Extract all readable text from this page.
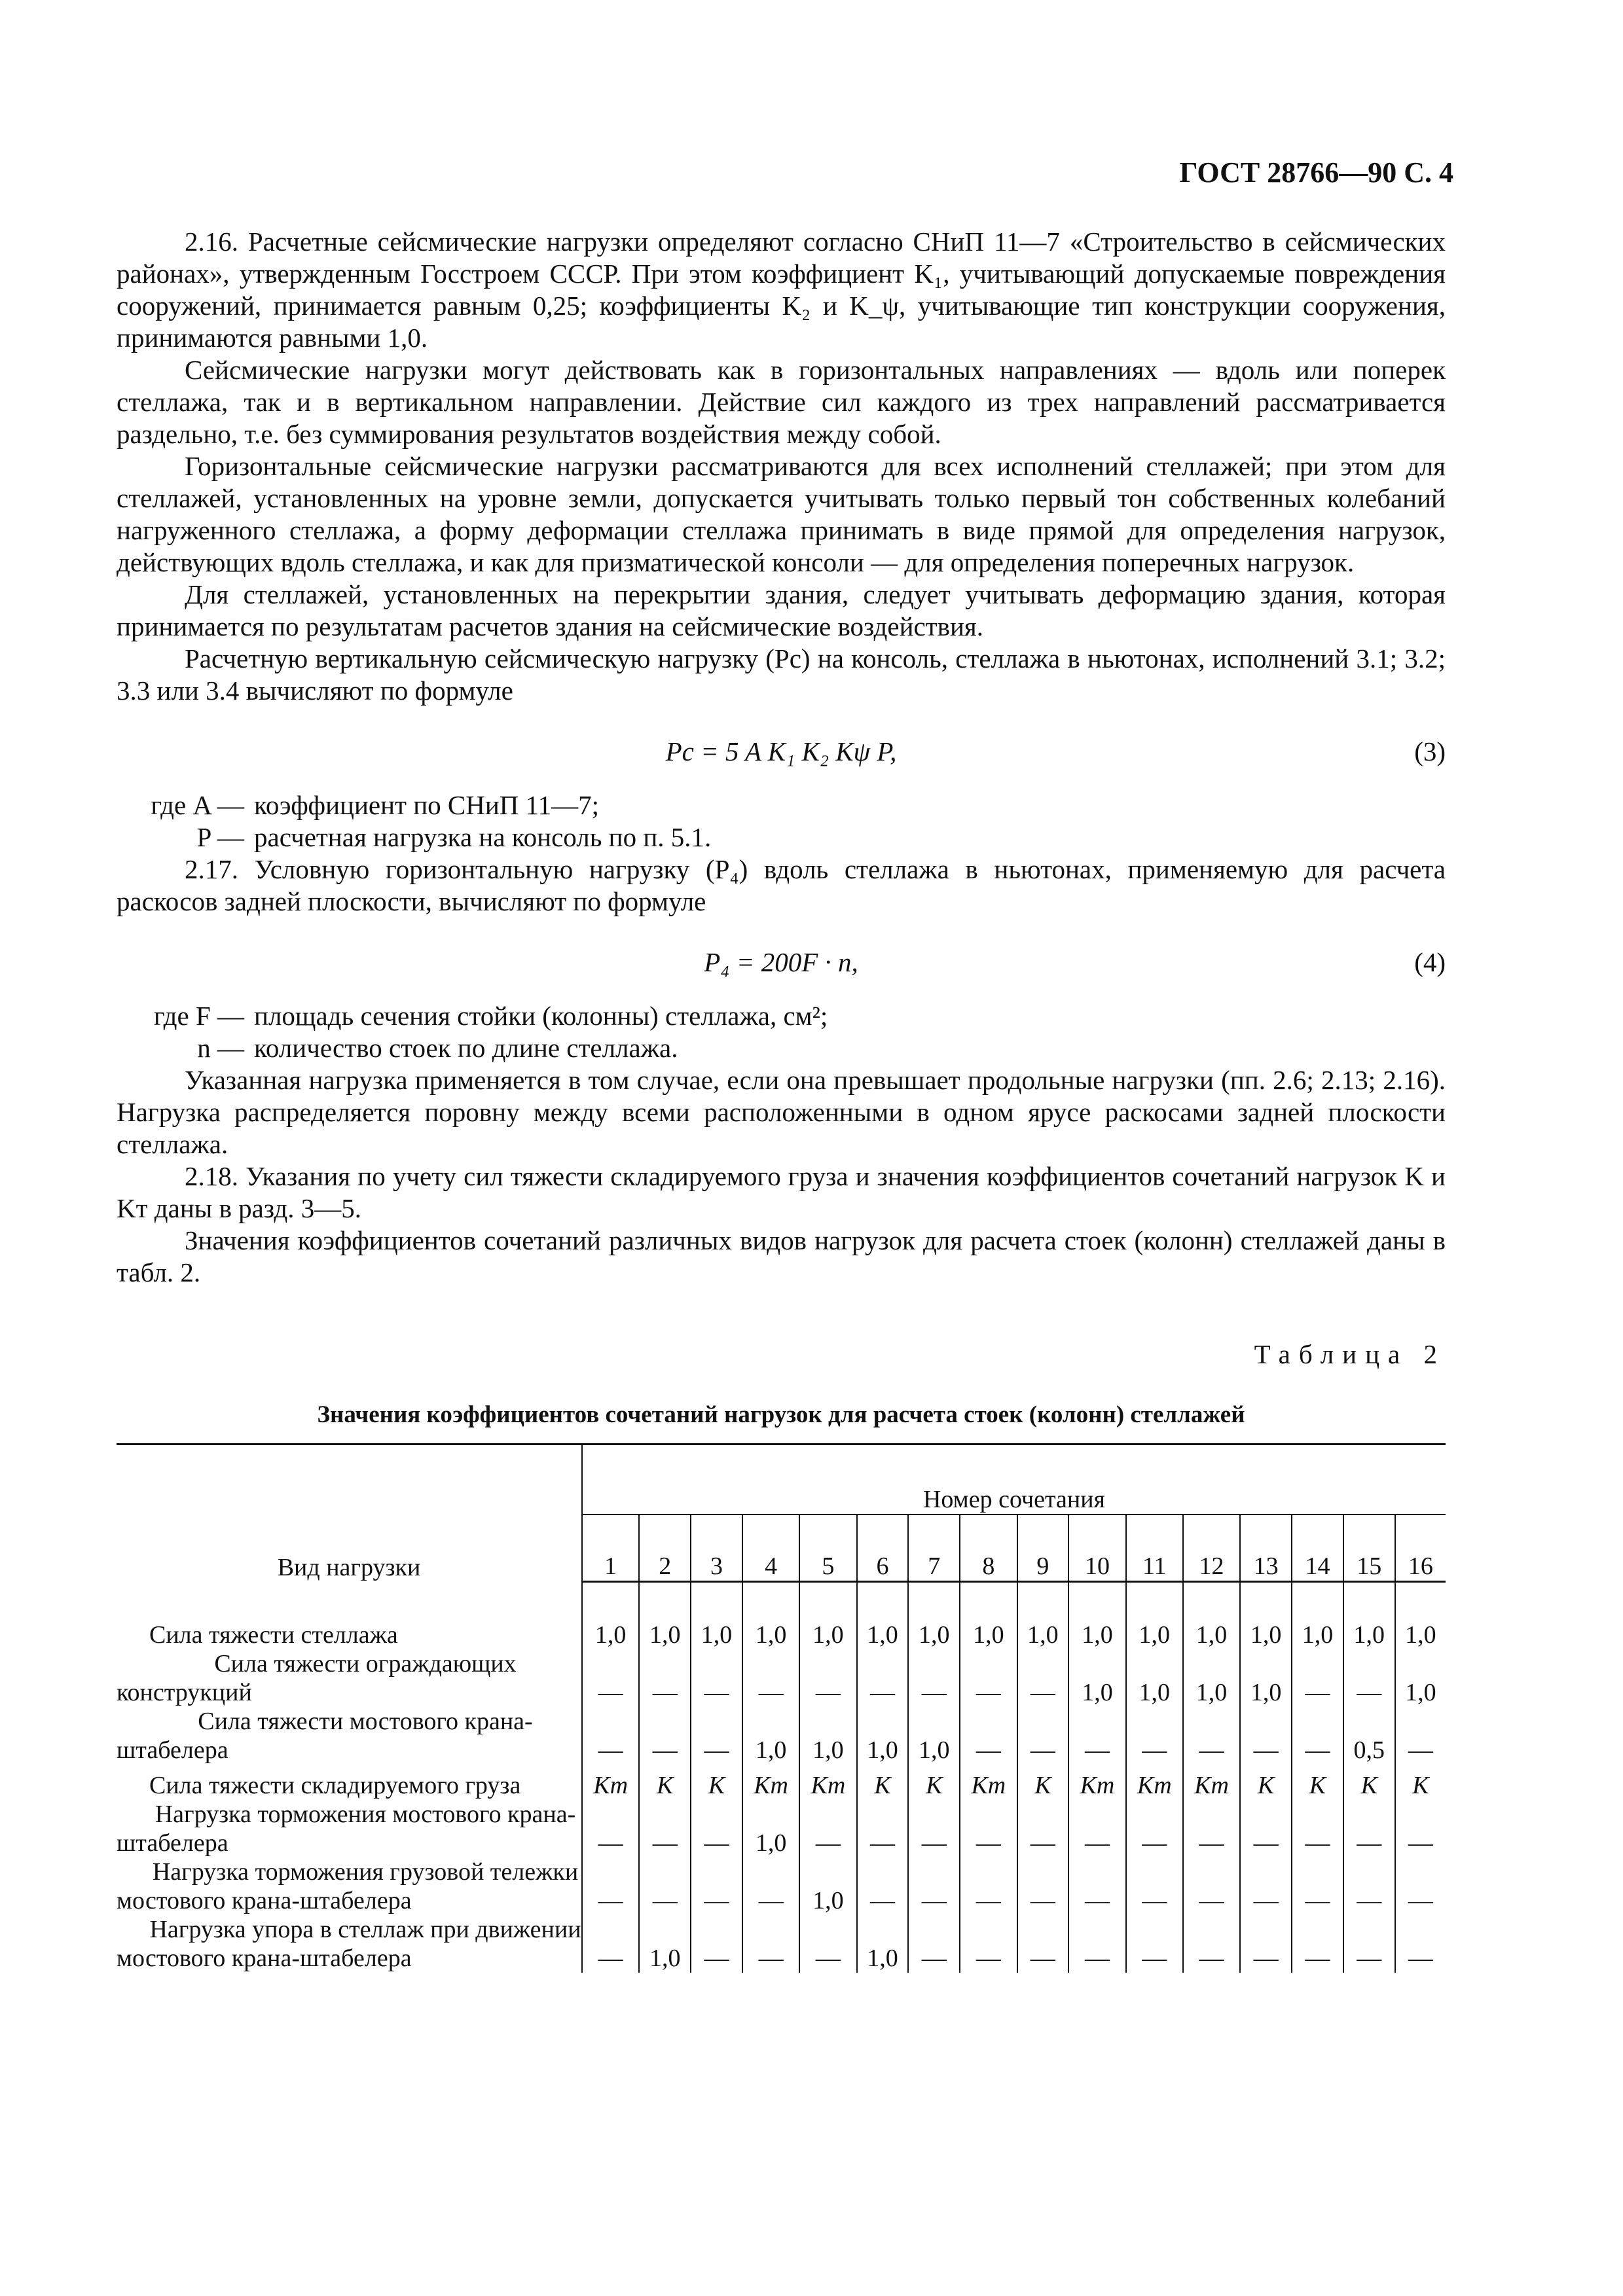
ГОСТ 28766—90 С. 4

2.16. Расчетные сейсмические нагрузки определяют согласно СНиП 11—7 «Строительство в сейсмических районах», утвержденным Госстроем СССР. При этом коэффициент K₁, учитывающий допускаемые повреждения сооружений, принимается равным 0,25; коэффициенты K₂ и K_ψ, учитывающие тип конструкции сооружения, принимаются равными 1,0.

Сейсмические нагрузки могут действовать как в горизонтальных направлениях — вдоль или поперек стеллажа, так и в вертикальном направлении. Действие сил каждого из трех направлений рассматривается раздельно, т.е. без суммирования результатов воздействия между собой.

Горизонтальные сейсмические нагрузки рассматриваются для всех исполнений стеллажей; при этом для стеллажей, установленных на уровне земли, допускается учитывать только первый тон собственных колебаний нагруженного стеллажа, а форму деформации стеллажа принимать в виде прямой для определения нагрузок, действующих вдоль стеллажа, и как для призматической консоли — для определения поперечных нагрузок.

Для стеллажей, установленных на перекрытии здания, следует учитывать деформацию здания, которая принимается по результатам расчетов здания на сейсмические воздействия.

Расчетную вертикальную сейсмическую нагрузку (Pc) на консоль, стеллажа в ньютонах, исполнений 3.1; 3.2; 3.3 или 3.4 вычисляют по формуле

Pc = 5 A K₁ K₂ Kψ P,	(3)
где A — коэффициент по СНиП 11—7;
P — расчетная нагрузка на консоль по п. 5.1.

2.17. Условную горизонтальную нагрузку (P₄) вдоль стеллажа в ньютонах, применяемую для расчета раскосов задней плоскости, вычисляют по формуле

P₄ = 200F · n,	(4)
где F — площадь сечения стойки (колонны) стеллажа, см²;
n — количество стоек по длине стеллажа.

Указанная нагрузка применяется в том случае, если она превышает продольные нагрузки (пп. 2.6; 2.13; 2.16). Нагрузка распределяется поровну между всеми расположенными в одном ярусе раскосами задней плоскости стеллажа.

2.18. Указания по учету сил тяжести складируемого груза и значения коэффициентов сочетаний нагрузок K и Kт даны в разд. 3—5.

Значения коэффициентов сочетаний различных видов нагрузок для расчета стоек (колонн) стеллажей даны в табл. 2.

Таблица 2
Значения коэффициентов сочетаний нагрузок для расчета стоек (колонн) стеллажей
Вид нагрузки	Номер сочетания															
	1	2	3	4	5	6	7	8	9	10	11	12	13	14	15	16
Сила тяжести стеллажа	1,0	1,0	1,0	1,0	1,0	1,0	1,0	1,0	1,0	1,0	1,0	1,0	1,0	1,0	1,0	1,0
Сила тяжести ограждающих конструкций	—	—	—	—	—	—	—	—	—	1,0	1,0	1,0	1,0	—	—	1,0
Сила тяжести мостового крана-штабелера	—	—	—	1,0	1,0	1,0	1,0	—	—	—	—	—	—	—	0,5	—
Сила тяжести складируемого груза	Kт	K	K	Kт	Kт	K	K	Kт	K	Kт	Kт	Kт	K	K	K	K
Нагрузка торможения мостового крана-штабелера	—	—	—	1,0	—	—	—	—	—	—	—	—	—	—	—	—
Нагрузка торможения грузовой тележки мостового крана-штабелера	—	—	—	—	1,0	—	—	—	—	—	—	—	—	—	—	—
Нагрузка упора в стеллаж при движении мостового крана-штабелера	—	1,0	—	—	—	1,0	—	—	—	—	—	—	—	—	—	—
